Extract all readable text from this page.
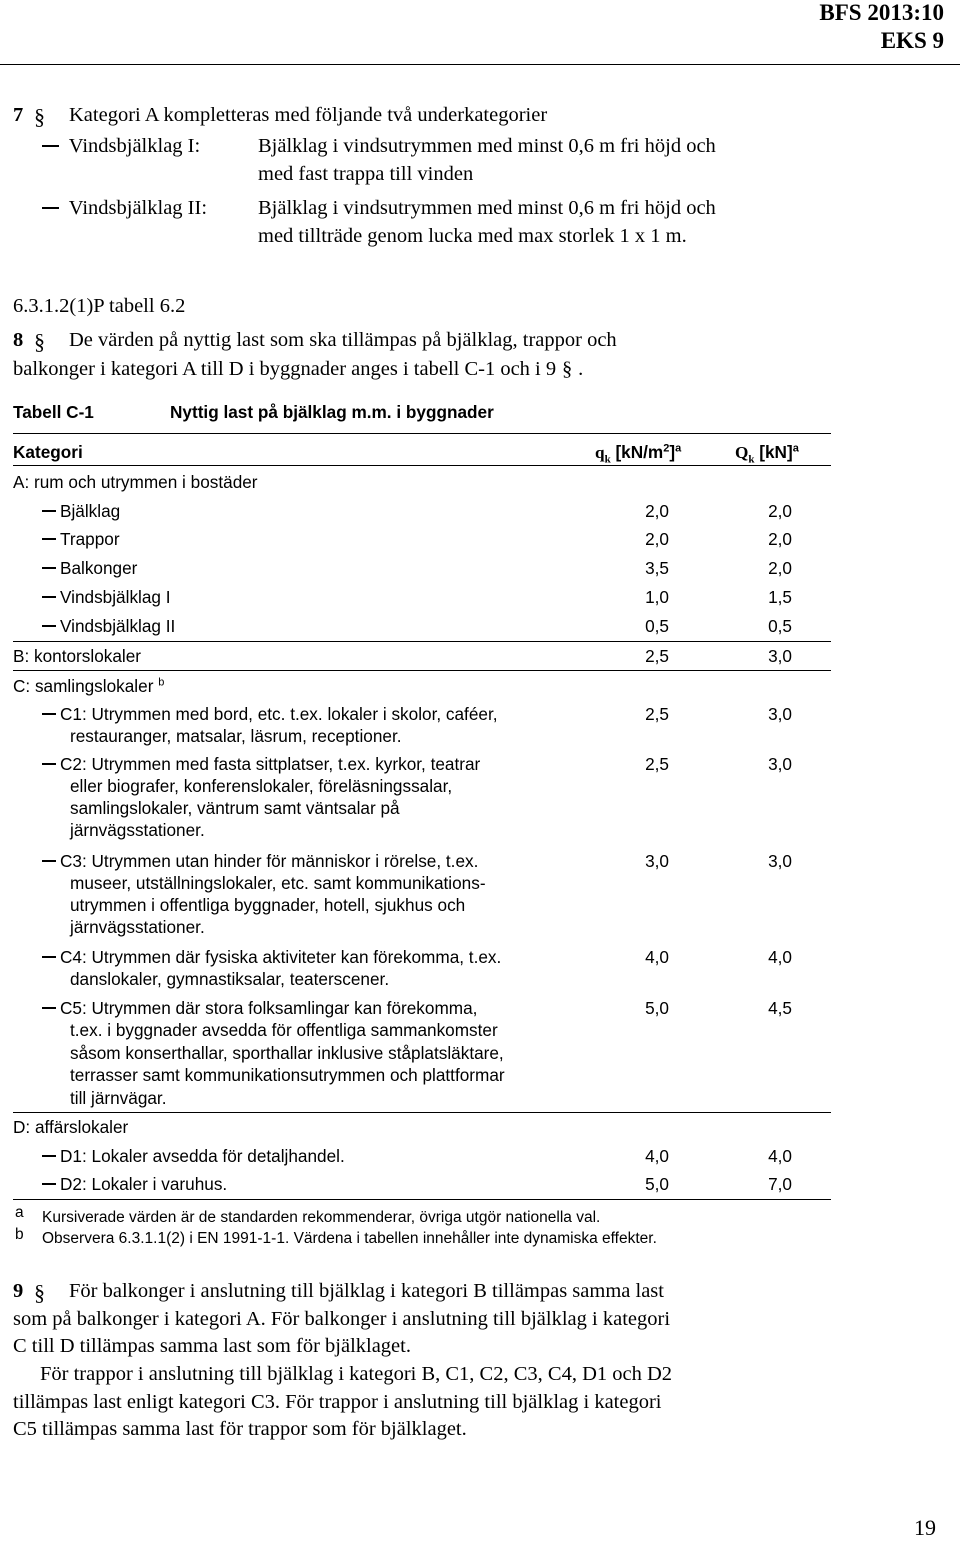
BFS 2013:10
EKS 9
7 § Kategori A kompletteras med följande två underkategorier
Vindsbjälklag I:	Bjälklag i vindsutrymmen med minst 0,6 m fri höjd och
med fast trappa till vinden
Vindsbjälklag II: Bjälklag i vindsutrymmen med minst 0,6 m fri höjd och
med tillträde genom lucka med max storlek 1 x 1 m.
6.3.1.2(1)P tabell 6.2
8 § De värden på nyttig last som ska tillämpas på bjälklag, trappor och
balkonger i kategori A till D i byggnader anges i tabell C-1 och i 9 § .
Tabell C-1	Nyttig last på bjälklag m.m. i byggnader
Kategori	$q_k$ $[kN/m^2]^a$	$Q_k$ [kN]$^a$
A: rum och utrymmen i bostäder
Bjälklag	2,0	2,0
Trappor	2,0	2,0
Balkonger	3,5	2,0
Vindsbjälklag I	1,0	1,5
Vindsbjälklag II	0,5	0,5
B: kontorslokaler	2,5	3,0
C: samlingslokaler $^b$
C1: Utrymmen med bord, etc. t.ex. lokaler i skolor, caféer,
restauranger, matsalar, läsrum, receptioner.
2,5	3,0
C2: Utrymmen med fasta sittplatser, t.ex. kyrkor, teatrar
eller biografer, konferenslokaler, föreläsningssalar,
samlingslokaler, väntrum samt väntsalar på
järnvägsstationer.
2,5	3,0
C3: Utrymmen utan hinder för människor i rörelse, t.ex.
museer, utställningslokaler, etc. samt kommunikations-
utrymmen i offentliga byggnader, hotell, sjukhus och
järnvägsstationer.
3,0	3,0
C4: Utrymmen där fysiska aktiviteter kan förekomma, t.ex.
danslokaler, gymnastiksalar, teaterscener.
4,0	4,0
C5: Utrymmen där stora folksamlingar kan förekomma,
t.ex. i byggnader avsedda för offentliga sammankomster
såsom konserthallar, sporthallar inklusive ståplatsläktare,
terrasser samt kommunikationsutrymmen och plattformar
till järnvägar.
5,0	4,5
D: affärslokaler
D1: Lokaler avsedda för detaljhandel.	4,0	4,0
D2: Lokaler i varuhus.	5,0	7,0
a Kursiverade värden är de standarden rekommenderar, övriga utgör nationella val.
b Observera 6.3.1.1(2) i EN 1991-1-1. Värdena i tabellen innehåller inte dynamiska effekter.
9 § För balkonger i anslutning till bjälklag i kategori B tillämpas samma last
som på balkonger i kategori A. För balkonger i anslutning till bjälklag i kategori
C till D tillämpas samma last som för bjälklaget.
För trappor i anslutning till bjälklag i kategori B, C1, C2, C3, C4, D1 och D2
tillämpas last enligt kategori C3. För trappor i anslutning till bjälklag i kategori
C5 tillämpas samma last för trappor som för bjälklaget.
19
